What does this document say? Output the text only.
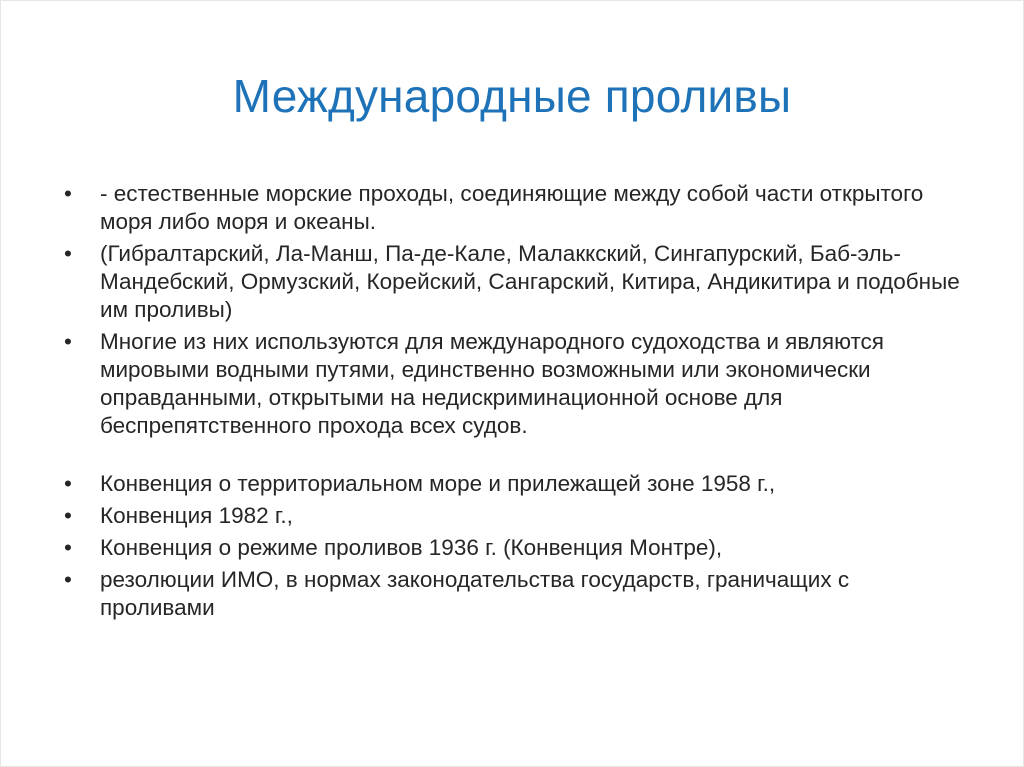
Международные проливы
•	- естественные морские проходы, соединяющие между собой части открытого моря либо моря и океаны.
•	(Гибралтарский, Ла-Манш, Па-де-Кале, Малаккский, Сингапурский, Баб-эль-Мандебский, Ормузский, Корейский, Сангарский, Китира, Андикитира и подобные им проливы)
•	Многие из них используются для международного судоходства и являются мировыми водными путями, единственно возможными или экономически оправданными, открытыми на недискриминационной основе для беспрепятственного прохода всех судов.
•	Конвенция о территориальном море и прилежащей зоне 1958 г.,
•	Конвенция 1982 г.,
•	Конвенция о режиме проливов 1936 г. (Конвенция Монтре),
•	резолюции ИМО, в нормах законодательства государств, граничащих с проливами
